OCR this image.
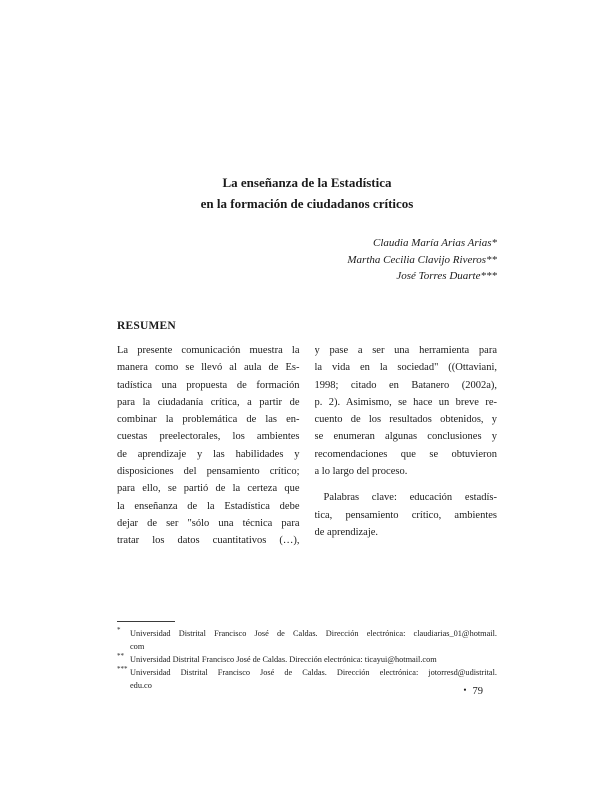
La enseñanza de la Estadística
en la formación de ciudadanos críticos
Claudia María Arias Arias*
Martha Cecilia Clavijo Riveros**
José Torres Duarte***
RESUMEN
La presente comunicación muestra la
manera como se llevó al aula de Es-
tadística una propuesta de formación
para la ciudadanía crítica, a partir de
combinar la problemática de las en-
cuestas preelectorales, los ambientes
de aprendizaje y las habilidades y
disposiciones del pensamiento crítico;
para ello, se partió de la certeza que
la enseñanza de la Estadística debe
dejar de ser "sólo una técnica para
tratar los datos cuantitativos (…),
y pase a ser una herramienta para
la vida en la sociedad" ((Ottaviani,
1998; citado en Batanero (2002a),
p. 2). Asimismo, se hace un breve re-
cuento de los resultados obtenidos, y
se enumeran algunas conclusiones y
recomendaciones que se obtuvieron
a lo largo del proceso.
Palabras clave: educación estadís-
tica, pensamiento crítico, ambientes
de aprendizaje.
* Universidad Distrital Francisco José de Caldas. Dirección electrónica: claudiarias_01@hotmail.
com
** Universidad Distrital Francisco José de Caldas. Dirección electrónica: ticayui@hotmail.com
*** Universidad Distrital Francisco José de Caldas. Dirección electrónica: jotorresd@udistrital.
edu.co	• 79
